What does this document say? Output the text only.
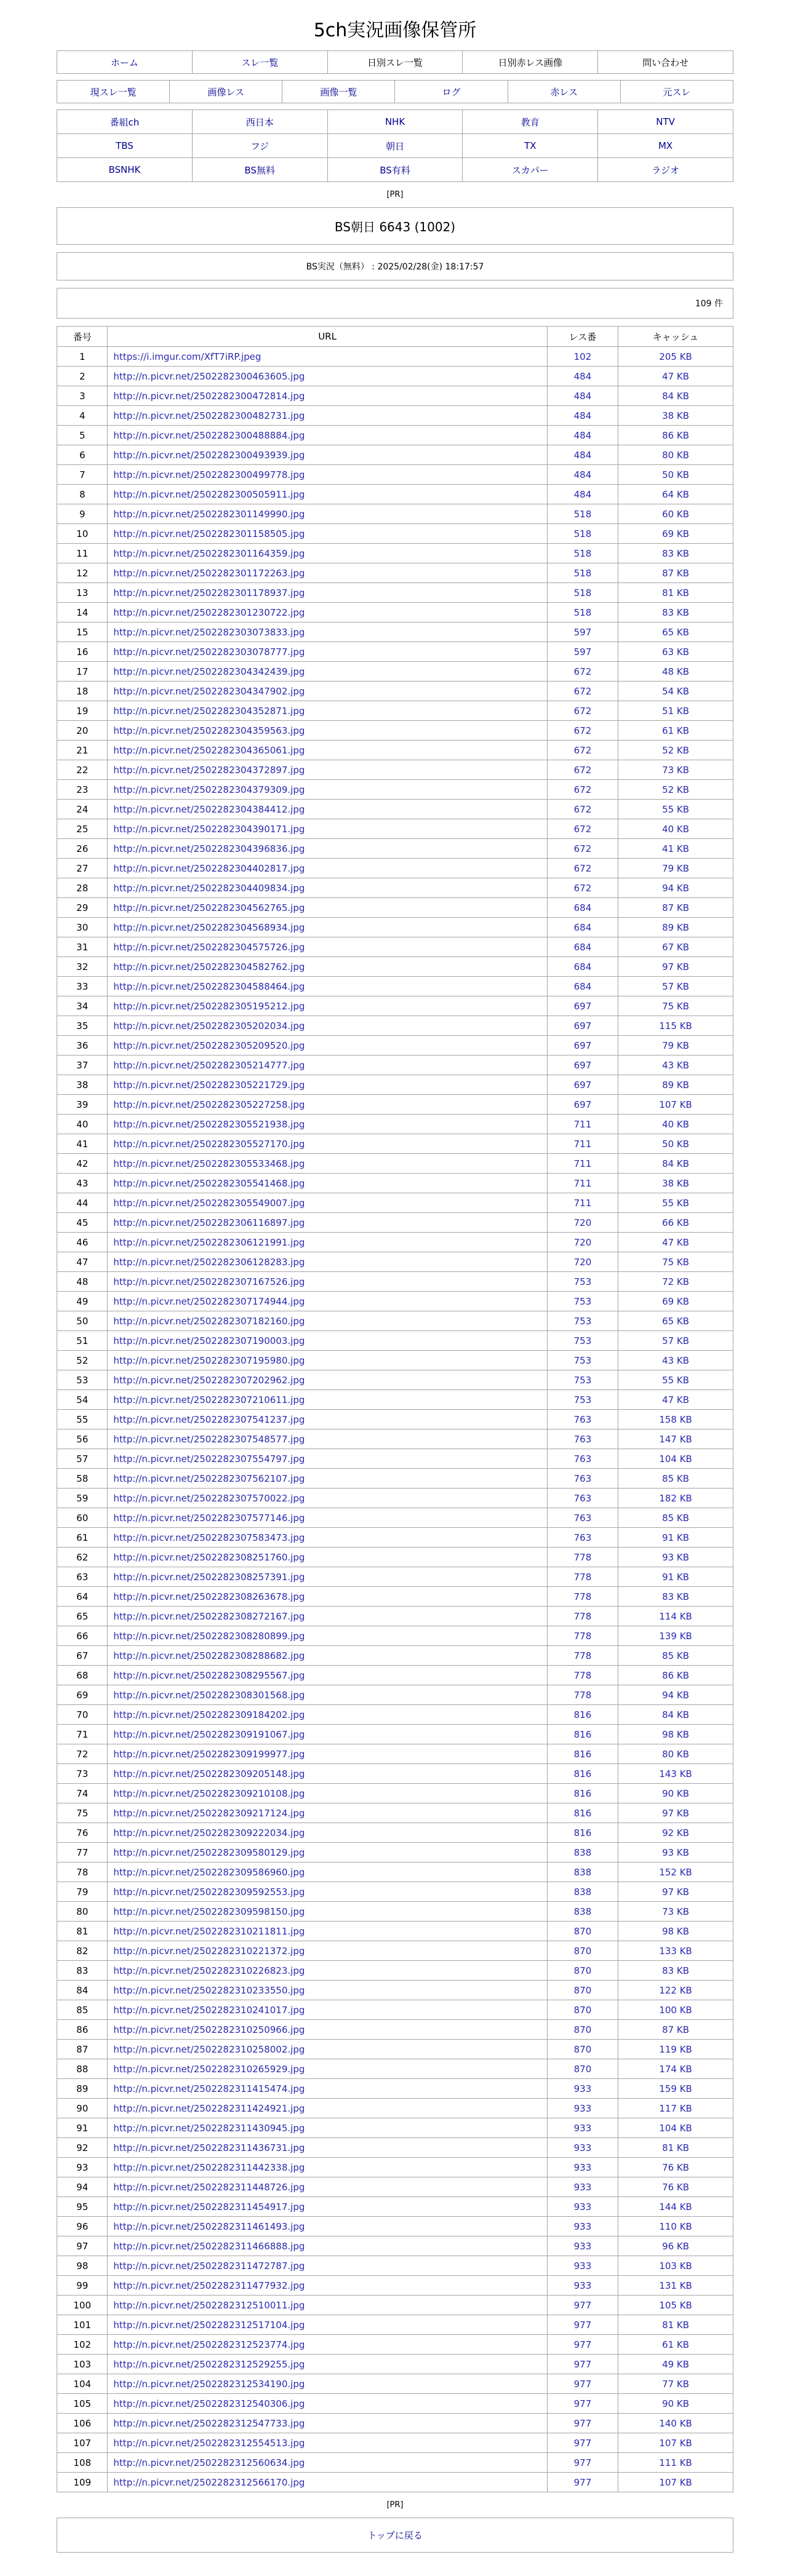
5ch実況画像保管所
ホーム	スレ一覧	日別スレ一覧	日別赤レス画像	問い合わせ
現スレ一覧	画像レス	画像一覧	ログ	赤レス	元スレ
番組ch	西日本	NHK	教育	NTV
TBS	フジ	朝日	TX	MX
BSNHK	BS無料	BS有料	スカパー	ラジオ
[PR]
BS朝日 6643 (1002)
BS実況（無料） : 2025/02/28(金) 18:17:57
109 件
番号	URL	レス番	キャッシュ
1	https://i.imgur.com/XfT7iRP.jpeg	102	205 KB
2	http://n.picvr.net/2502282300463605.jpg	484	47 KB
3	http://n.picvr.net/2502282300472814.jpg	484	84 KB
4	http://n.picvr.net/2502282300482731.jpg	484	38 KB
5	http://n.picvr.net/2502282300488884.jpg	484	86 KB
6	http://n.picvr.net/2502282300493939.jpg	484	80 KB
7	http://n.picvr.net/2502282300499778.jpg	484	50 KB
8	http://n.picvr.net/2502282300505911.jpg	484	64 KB
9	http://n.picvr.net/2502282301149990.jpg	518	60 KB
10	http://n.picvr.net/2502282301158505.jpg	518	69 KB
11	http://n.picvr.net/2502282301164359.jpg	518	83 KB
12	http://n.picvr.net/2502282301172263.jpg	518	87 KB
13	http://n.picvr.net/2502282301178937.jpg	518	81 KB
14	http://n.picvr.net/2502282301230722.jpg	518	83 KB
15	http://n.picvr.net/2502282303073833.jpg	597	65 KB
16	http://n.picvr.net/2502282303078777.jpg	597	63 KB
17	http://n.picvr.net/2502282304342439.jpg	672	48 KB
18	http://n.picvr.net/2502282304347902.jpg	672	54 KB
19	http://n.picvr.net/2502282304352871.jpg	672	51 KB
20	http://n.picvr.net/2502282304359563.jpg	672	61 KB
21	http://n.picvr.net/2502282304365061.jpg	672	52 KB
22	http://n.picvr.net/2502282304372897.jpg	672	73 KB
23	http://n.picvr.net/2502282304379309.jpg	672	52 KB
24	http://n.picvr.net/2502282304384412.jpg	672	55 KB
25	http://n.picvr.net/2502282304390171.jpg	672	40 KB
26	http://n.picvr.net/2502282304396836.jpg	672	41 KB
27	http://n.picvr.net/2502282304402817.jpg	672	79 KB
28	http://n.picvr.net/2502282304409834.jpg	672	94 KB
29	http://n.picvr.net/2502282304562765.jpg	684	87 KB
30	http://n.picvr.net/2502282304568934.jpg	684	89 KB
31	http://n.picvr.net/2502282304575726.jpg	684	67 KB
32	http://n.picvr.net/2502282304582762.jpg	684	97 KB
33	http://n.picvr.net/2502282304588464.jpg	684	57 KB
34	http://n.picvr.net/2502282305195212.jpg	697	75 KB
35	http://n.picvr.net/2502282305202034.jpg	697	115 KB
36	http://n.picvr.net/2502282305209520.jpg	697	79 KB
37	http://n.picvr.net/2502282305214777.jpg	697	43 KB
38	http://n.picvr.net/2502282305221729.jpg	697	89 KB
39	http://n.picvr.net/2502282305227258.jpg	697	107 KB
40	http://n.picvr.net/2502282305521938.jpg	711	40 KB
41	http://n.picvr.net/2502282305527170.jpg	711	50 KB
42	http://n.picvr.net/2502282305533468.jpg	711	84 KB
43	http://n.picvr.net/2502282305541468.jpg	711	38 KB
44	http://n.picvr.net/2502282305549007.jpg	711	55 KB
45	http://n.picvr.net/2502282306116897.jpg	720	66 KB
46	http://n.picvr.net/2502282306121991.jpg	720	47 KB
47	http://n.picvr.net/2502282306128283.jpg	720	75 KB
48	http://n.picvr.net/2502282307167526.jpg	753	72 KB
49	http://n.picvr.net/2502282307174944.jpg	753	69 KB
50	http://n.picvr.net/2502282307182160.jpg	753	65 KB
51	http://n.picvr.net/2502282307190003.jpg	753	57 KB
52	http://n.picvr.net/2502282307195980.jpg	753	43 KB
53	http://n.picvr.net/2502282307202962.jpg	753	55 KB
54	http://n.picvr.net/2502282307210611.jpg	753	47 KB
55	http://n.picvr.net/2502282307541237.jpg	763	158 KB
56	http://n.picvr.net/2502282307548577.jpg	763	147 KB
57	http://n.picvr.net/2502282307554797.jpg	763	104 KB
58	http://n.picvr.net/2502282307562107.jpg	763	85 KB
59	http://n.picvr.net/2502282307570022.jpg	763	182 KB
60	http://n.picvr.net/2502282307577146.jpg	763	85 KB
61	http://n.picvr.net/2502282307583473.jpg	763	91 KB
62	http://n.picvr.net/2502282308251760.jpg	778	93 KB
63	http://n.picvr.net/2502282308257391.jpg	778	91 KB
64	http://n.picvr.net/2502282308263678.jpg	778	83 KB
65	http://n.picvr.net/2502282308272167.jpg	778	114 KB
66	http://n.picvr.net/2502282308280899.jpg	778	139 KB
67	http://n.picvr.net/2502282308288682.jpg	778	85 KB
68	http://n.picvr.net/2502282308295567.jpg	778	86 KB
69	http://n.picvr.net/2502282308301568.jpg	778	94 KB
70	http://n.picvr.net/2502282309184202.jpg	816	84 KB
71	http://n.picvr.net/2502282309191067.jpg	816	98 KB
72	http://n.picvr.net/2502282309199977.jpg	816	80 KB
73	http://n.picvr.net/2502282309205148.jpg	816	143 KB
74	http://n.picvr.net/2502282309210108.jpg	816	90 KB
75	http://n.picvr.net/2502282309217124.jpg	816	97 KB
76	http://n.picvr.net/2502282309222034.jpg	816	92 KB
77	http://n.picvr.net/2502282309580129.jpg	838	93 KB
78	http://n.picvr.net/2502282309586960.jpg	838	152 KB
79	http://n.picvr.net/2502282309592553.jpg	838	97 KB
80	http://n.picvr.net/2502282309598150.jpg	838	73 KB
81	http://n.picvr.net/2502282310211811.jpg	870	98 KB
82	http://n.picvr.net/2502282310221372.jpg	870	133 KB
83	http://n.picvr.net/2502282310226823.jpg	870	83 KB
84	http://n.picvr.net/2502282310233550.jpg	870	122 KB
85	http://n.picvr.net/2502282310241017.jpg	870	100 KB
86	http://n.picvr.net/2502282310250966.jpg	870	87 KB
87	http://n.picvr.net/2502282310258002.jpg	870	119 KB
88	http://n.picvr.net/2502282310265929.jpg	870	174 KB
89	http://n.picvr.net/2502282311415474.jpg	933	159 KB
90	http://n.picvr.net/2502282311424921.jpg	933	117 KB
91	http://n.picvr.net/2502282311430945.jpg	933	104 KB
92	http://n.picvr.net/2502282311436731.jpg	933	81 KB
93	http://n.picvr.net/2502282311442338.jpg	933	76 KB
94	http://n.picvr.net/2502282311448726.jpg	933	76 KB
95	http://n.picvr.net/2502282311454917.jpg	933	144 KB
96	http://n.picvr.net/2502282311461493.jpg	933	110 KB
97	http://n.picvr.net/2502282311466888.jpg	933	96 KB
98	http://n.picvr.net/2502282311472787.jpg	933	103 KB
99	http://n.picvr.net/2502282311477932.jpg	933	131 KB
100	http://n.picvr.net/2502282312510011.jpg	977	105 KB
101	http://n.picvr.net/2502282312517104.jpg	977	81 KB
102	http://n.picvr.net/2502282312523774.jpg	977	61 KB
103	http://n.picvr.net/2502282312529255.jpg	977	49 KB
104	http://n.picvr.net/2502282312534190.jpg	977	77 KB
105	http://n.picvr.net/2502282312540306.jpg	977	90 KB
106	http://n.picvr.net/2502282312547733.jpg	977	140 KB
107	http://n.picvr.net/2502282312554513.jpg	977	107 KB
108	http://n.picvr.net/2502282312560634.jpg	977	111 KB
109	http://n.picvr.net/2502282312566170.jpg	977	107 KB
[PR]
トップに戻る
